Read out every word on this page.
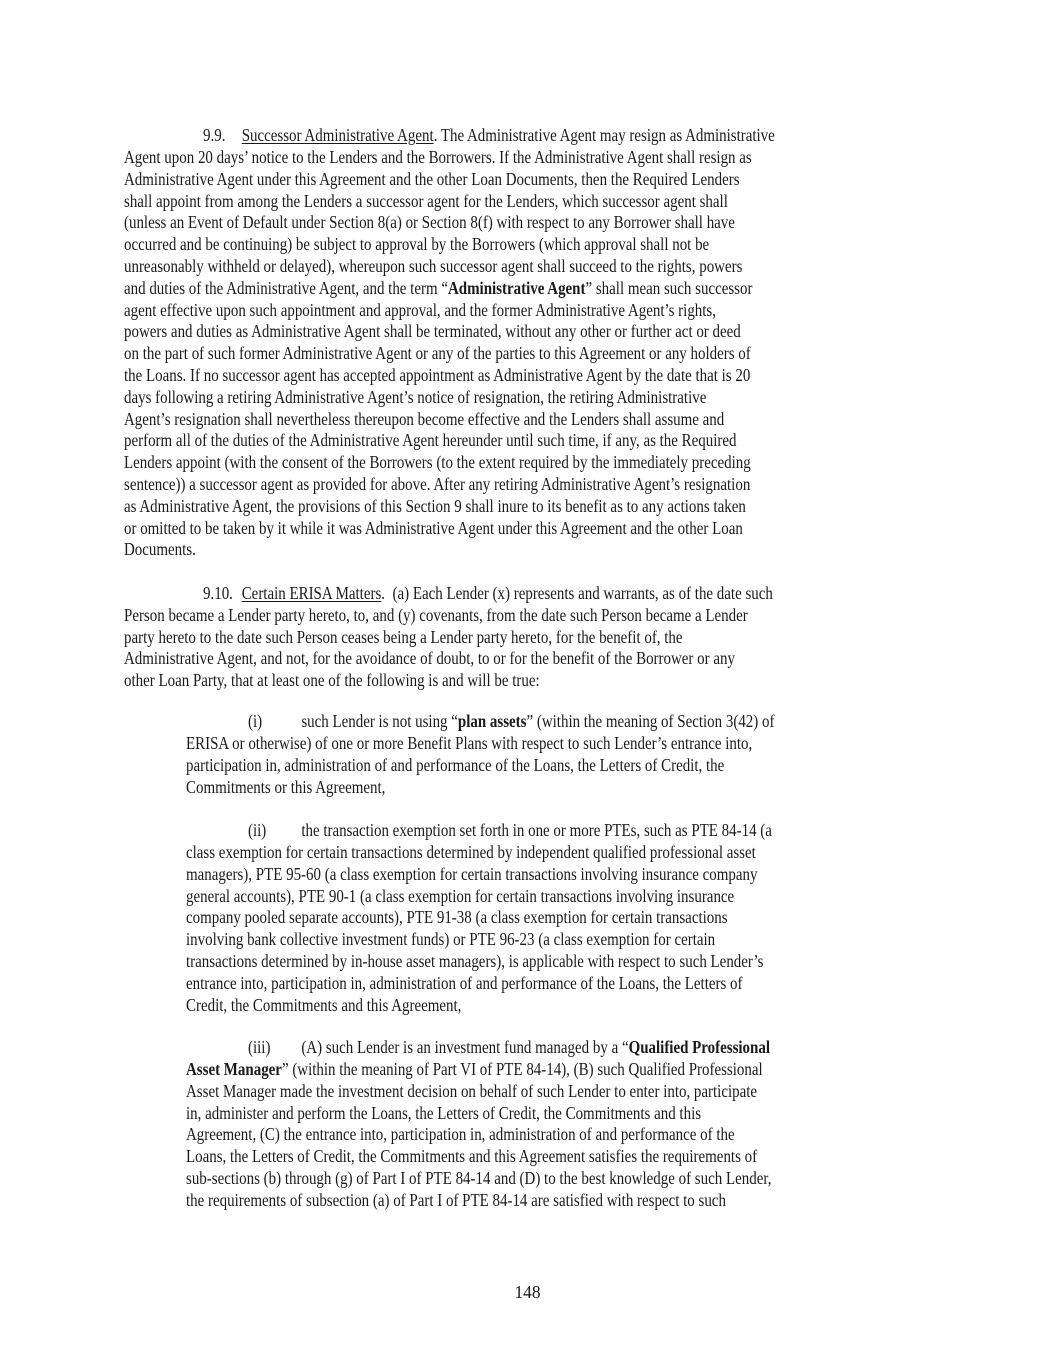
9.9. Successor Administrative Agent. The Administrative Agent may resign as Administrative
Agent upon 20 days’ notice to the Lenders and the Borrowers. If the Administrative Agent shall resign as
Administrative Agent under this Agreement and the other Loan Documents, then the Required Lenders
shall appoint from among the Lenders a successor agent for the Lenders, which successor agent shall
(unless an Event of Default under Section 8(a) or Section 8(f) with respect to any Borrower shall have
occurred and be continuing) be subject to approval by the Borrowers (which approval shall not be
unreasonably withheld or delayed), whereupon such successor agent shall succeed to the rights, powers
and duties of the Administrative Agent, and the term “Administrative Agent” shall mean such successor
agent effective upon such appointment and approval, and the former Administrative Agent’s rights,
powers and duties as Administrative Agent shall be terminated, without any other or further act or deed
on the part of such former Administrative Agent or any of the parties to this Agreement or any holders of
the Loans. If no successor agent has accepted appointment as Administrative Agent by the date that is 20
days following a retiring Administrative Agent’s notice of resignation, the retiring Administrative
Agent’s resignation shall nevertheless thereupon become effective and the Lenders shall assume and
perform all of the duties of the Administrative Agent hereunder until such time, if any, as the Required
Lenders appoint (with the consent of the Borrowers (to the extent required by the immediately preceding
sentence)) a successor agent as provided for above. After any retiring Administrative Agent’s resignation
as Administrative Agent, the provisions of this Section 9 shall inure to its benefit as to any actions taken
or omitted to be taken by it while it was Administrative Agent under this Agreement and the other Loan
Documents.
9.10. Certain ERISA Matters.  (a) Each Lender (x) represents and warrants, as of the date such
Person became a Lender party hereto, to, and (y) covenants, from the date such Person became a Lender
party hereto to the date such Person ceases being a Lender party hereto, for the benefit of, the
Administrative Agent, and not, for the avoidance of doubt, to or for the benefit of the Borrower or any
other Loan Party, that at least one of the following is and will be true:
(i) such Lender is not using “plan assets” (within the meaning of Section 3(42) of
ERISA or otherwise) of one or more Benefit Plans with respect to such Lender’s entrance into,
participation in, administration of and performance of the Loans, the Letters of Credit, the
Commitments or this Agreement,
(ii) the transaction exemption set forth in one or more PTEs, such as PTE 84-14 (a
class exemption for certain transactions determined by independent qualified professional asset
managers), PTE 95-60 (a class exemption for certain transactions involving insurance company
general accounts), PTE 90-1 (a class exemption for certain transactions involving insurance
company pooled separate accounts), PTE 91-38 (a class exemption for certain transactions
involving bank collective investment funds) or PTE 96-23 (a class exemption for certain
transactions determined by in-house asset managers), is applicable with respect to such Lender’s
entrance into, participation in, administration of and performance of the Loans, the Letters of
Credit, the Commitments and this Agreement,
(iii) (A) such Lender is an investment fund managed by a “Qualified Professional
Asset Manager” (within the meaning of Part VI of PTE 84-14), (B) such Qualified Professional
Asset Manager made the investment decision on behalf of such Lender to enter into, participate
in, administer and perform the Loans, the Letters of Credit, the Commitments and this
Agreement, (C) the entrance into, participation in, administration of and performance of the
Loans, the Letters of Credit, the Commitments and this Agreement satisfies the requirements of
sub-sections (b) through (g) of Part I of PTE 84-14 and (D) to the best knowledge of such Lender,
the requirements of subsection (a) of Part I of PTE 84-14 are satisfied with respect to such
148
